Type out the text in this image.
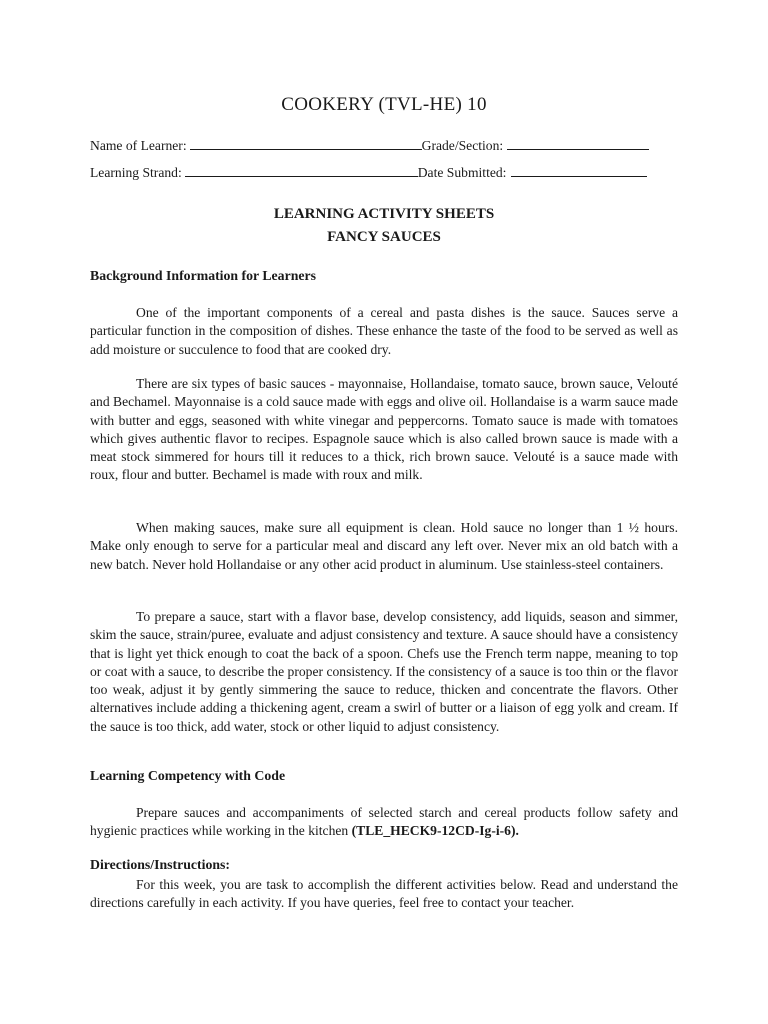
COOKERY (TVL-HE) 10
Name of Learner:	Grade/Section:
Learning Strand:	Date Submitted:
LEARNING ACTIVITY SHEETS
FANCY SAUCES
Background Information for Learners

One of the important components of a cereal and pasta dishes is the sauce. Sauces serve a particular function in the composition of dishes. These enhance the taste of the food to be served as well as add moisture or succulence to food that are cooked dry.

There are six types of basic sauces - mayonnaise, Hollandaise, tomato sauce, brown sauce, Velouté and Bechamel. Mayonnaise is a cold sauce made with eggs and olive oil. Hollandaise is a warm sauce made with butter and eggs, seasoned with white vinegar and peppercorns. Tomato sauce is made with tomatoes which gives authentic flavor to recipes. Espagnole sauce which is also called brown sauce is made with a meat stock simmered for hours till it reduces to a thick, rich brown sauce. Velouté is a sauce made with roux, flour and butter. Bechamel is made with roux and milk.

When making sauces, make sure all equipment is clean. Hold sauce no longer than 1 ½ hours. Make only enough to serve for a particular meal and discard any left over. Never mix an old batch with a new batch. Never hold Hollandaise or any other acid product in aluminum. Use stainless-steel containers.

To prepare a sauce, start with a flavor base, develop consistency, add liquids, season and simmer, skim the sauce, strain/puree, evaluate and adjust consistency and texture. A sauce should have a consistency that is light yet thick enough to coat the back of a spoon. Chefs use the French term nappe, meaning to top or coat with a sauce, to describe the proper consistency. If the consistency of a sauce is too thin or the flavor too weak, adjust it by gently simmering the sauce to reduce, thicken and concentrate the flavors. Other alternatives include adding a thickening agent, cream a swirl of butter or a liaison of egg yolk and cream. If the sauce is too thick, add water, stock or other liquid to adjust consistency.

Learning Competency with Code

Prepare sauces and accompaniments of selected starch and cereal products follow safety and hygienic practices while working in the kitchen (TLE_HECK9-12CD-Ig-i-6).

Directions/Instructions:

For this week, you are task to accomplish the different activities below. Read and understand the directions carefully in each activity. If you have queries, feel free to contact your teacher.
